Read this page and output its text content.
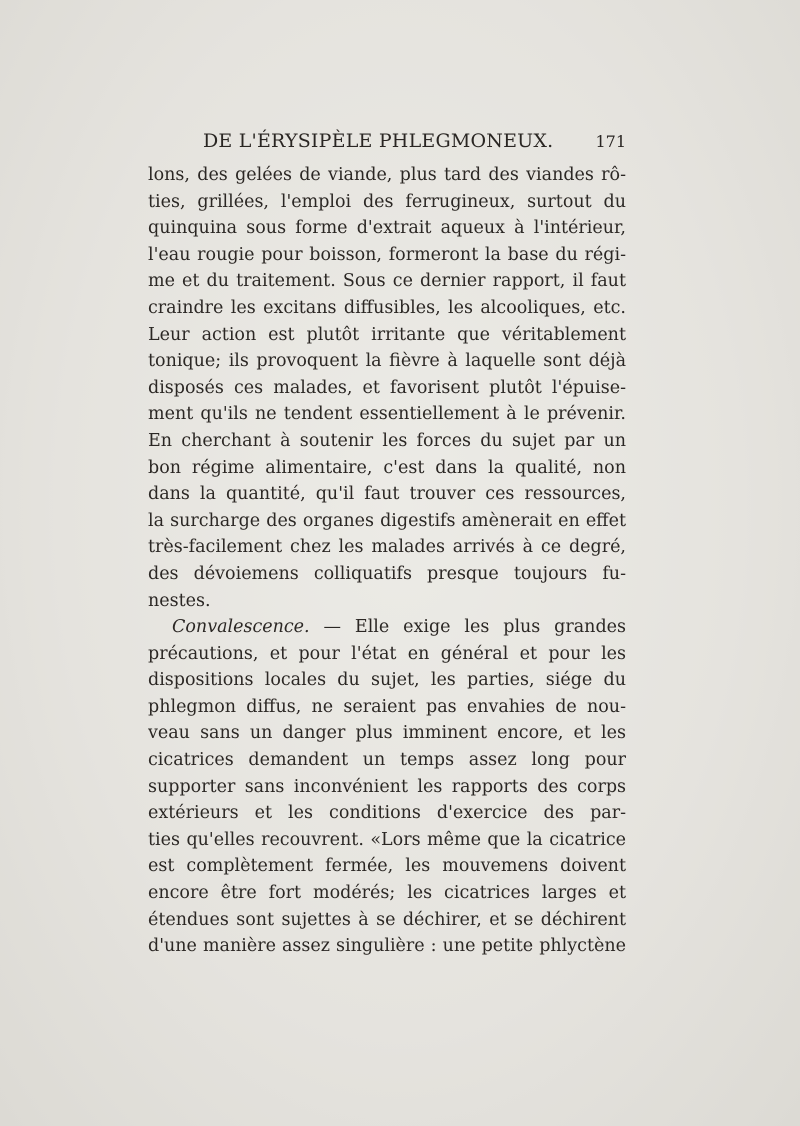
DE L'ÉRYSIPÈLE PHLEGMONEUX.	171
lons, des gelées de viande, plus tard des viandes rô-
ties, grillées, l'emploi des ferrugineux, surtout du
quinquina sous forme d'extrait aqueux à l'intérieur,
l'eau rougie pour boisson, formeront la base du régi-
me et du traitement. Sous ce dernier rapport, il faut
craindre les excitans diffusibles, les alcooliques, etc.
Leur action est plutôt irritante que véritablement
tonique; ils provoquent la fièvre à laquelle sont déjà
disposés ces malades, et favorisent plutôt l'épuise-
ment qu'ils ne tendent essentiellement à le prévenir.
En cherchant à soutenir les forces du sujet par un
bon régime alimentaire, c'est dans la qualité, non
dans la quantité, qu'il faut trouver ces ressources,
la surcharge des organes digestifs amènerait en effet
très-facilement chez les malades arrivés à ce degré,
des dévoiemens colliquatifs presque toujours fu-
nestes.
Convalescence. — Elle exige les plus grandes
précautions, et pour l'état en général et pour les
dispositions locales du sujet, les parties, siége du
phlegmon diffus, ne seraient pas envahies de nou-
veau sans un danger plus imminent encore, et les
cicatrices demandent un temps assez long pour
supporter sans inconvénient les rapports des corps
extérieurs et les conditions d'exercice des par-
ties qu'elles recouvrent. «Lors même que la cicatrice
est complètement fermée, les mouvemens doivent
encore être fort modérés; les cicatrices larges et
étendues sont sujettes à se déchirer, et se déchirent
d'une manière assez singulière : une petite phlyctène
